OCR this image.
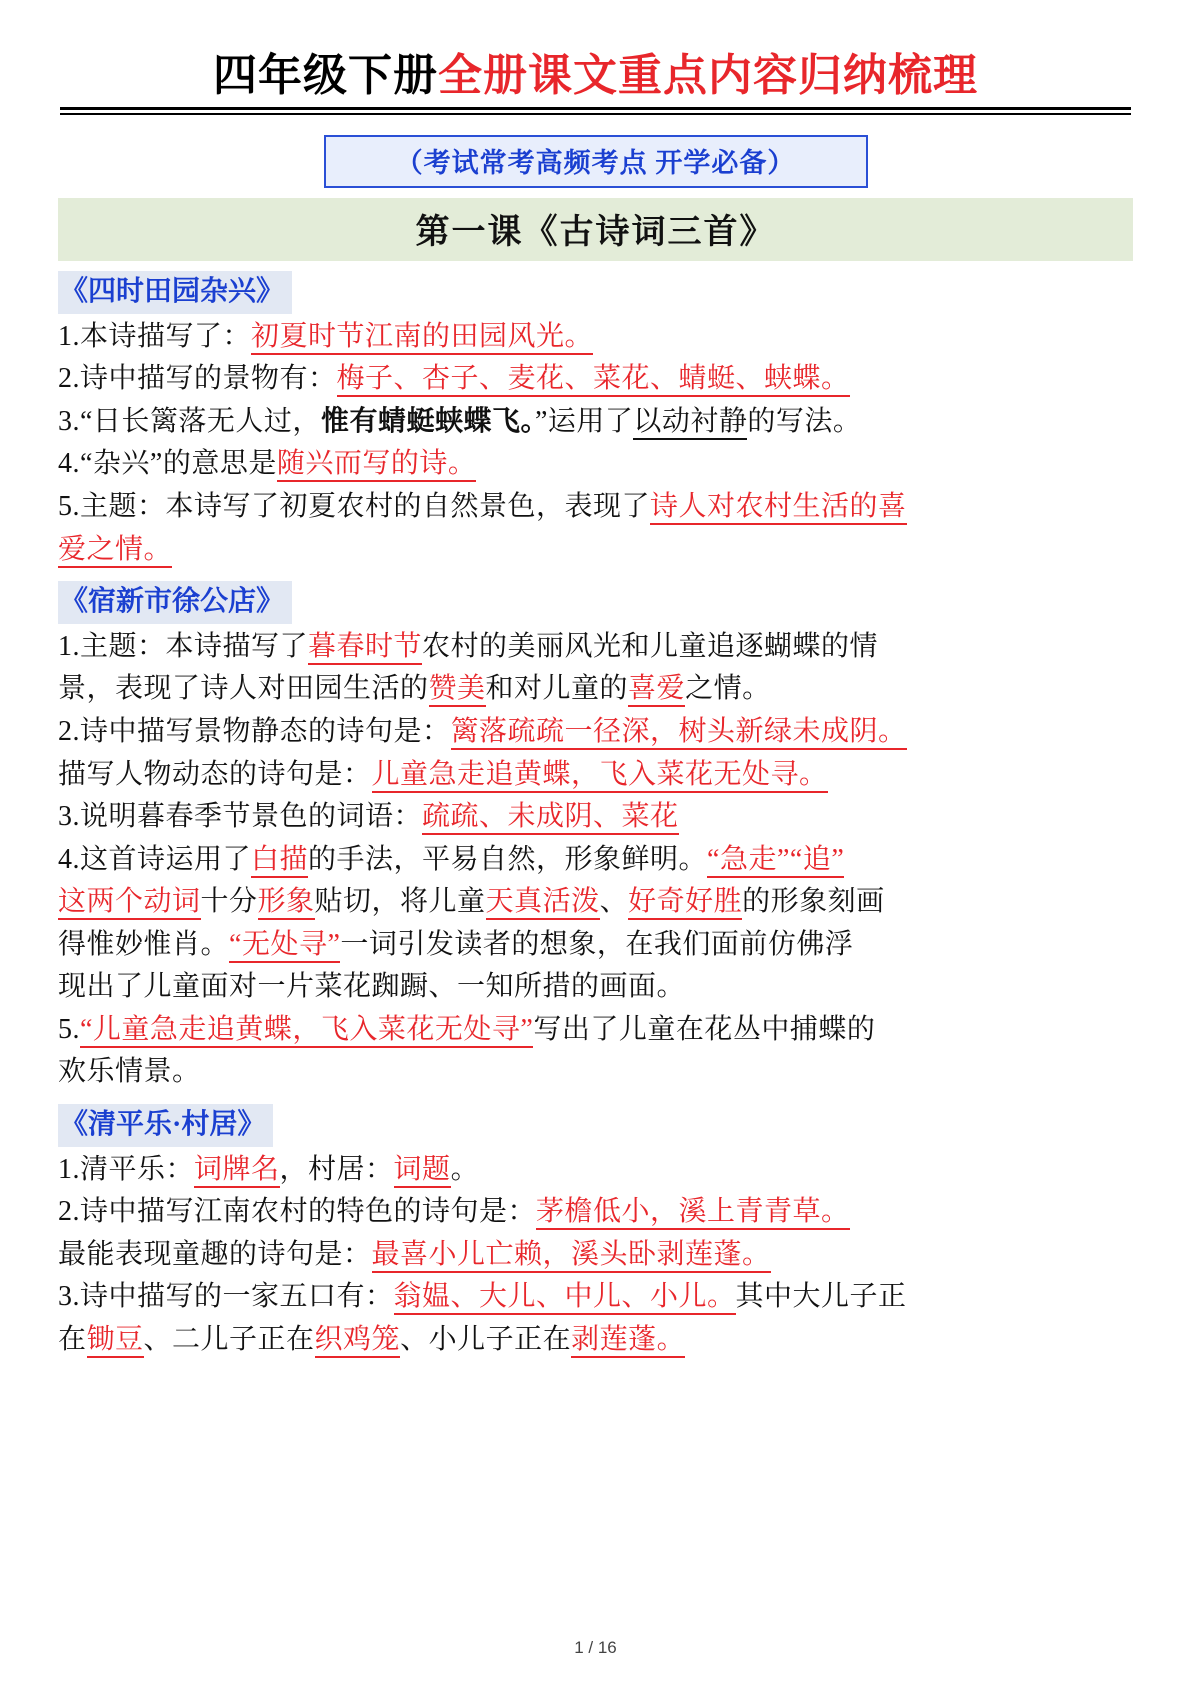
四年级下册全册课文重点内容归纳梳理
（考试常考高频考点 开学必备）
第一课《古诗词三首》
《四时田园杂兴》
1.本诗描写了：初夏时节江南的田园风光。
2.诗中描写的景物有：梅子、杏子、麦花、菜花、蜻蜓、蛱蝶。
3.“日长篱落无人过，惟有蜻蜓蛱蝶飞。”运用了以动衬静的写法。
4.“杂兴”的意思是随兴而写的诗。
5.主题：本诗写了初夏农村的自然景色，表现了诗人对农村生活的喜
爱之情。
《宿新市徐公店》
1.主题：本诗描写了暮春时节农村的美丽风光和儿童追逐蝴蝶的情
景，表现了诗人对田园生活的赞美和对儿童的喜爱之情。
2.诗中描写景物静态的诗句是：篱落疏疏一径深，树头新绿未成阴。
描写人物动态的诗句是：儿童急走追黄蝶，飞入菜花无处寻。
3.说明暮春季节景色的词语：疏疏、未成阴、菜花
4.这首诗运用了白描的手法，平易自然，形象鲜明。“急走”“追”
这两个动词十分形象贴切，将儿童天真活泼、好奇好胜的形象刻画
得惟妙惟肖。“无处寻”一词引发读者的想象，在我们面前仿佛浮
现出了儿童面对一片菜花踟蹰、一知所措的画面。
5.“儿童急走追黄蝶，飞入菜花无处寻”写出了儿童在花丛中捕蝶的
欢乐情景。
《清平乐·村居》
1.清平乐：词牌名，村居：词题。
2.诗中描写江南农村的特色的诗句是：茅檐低小，溪上青青草。
最能表现童趣的诗句是：最喜小儿亡赖，溪头卧剥莲蓬。
3.诗中描写的一家五口有：翁媪、大儿、中儿、小儿。其中大儿子正
在锄豆、二儿子正在织鸡笼、小儿子正在剥莲蓬。
1 / 16
